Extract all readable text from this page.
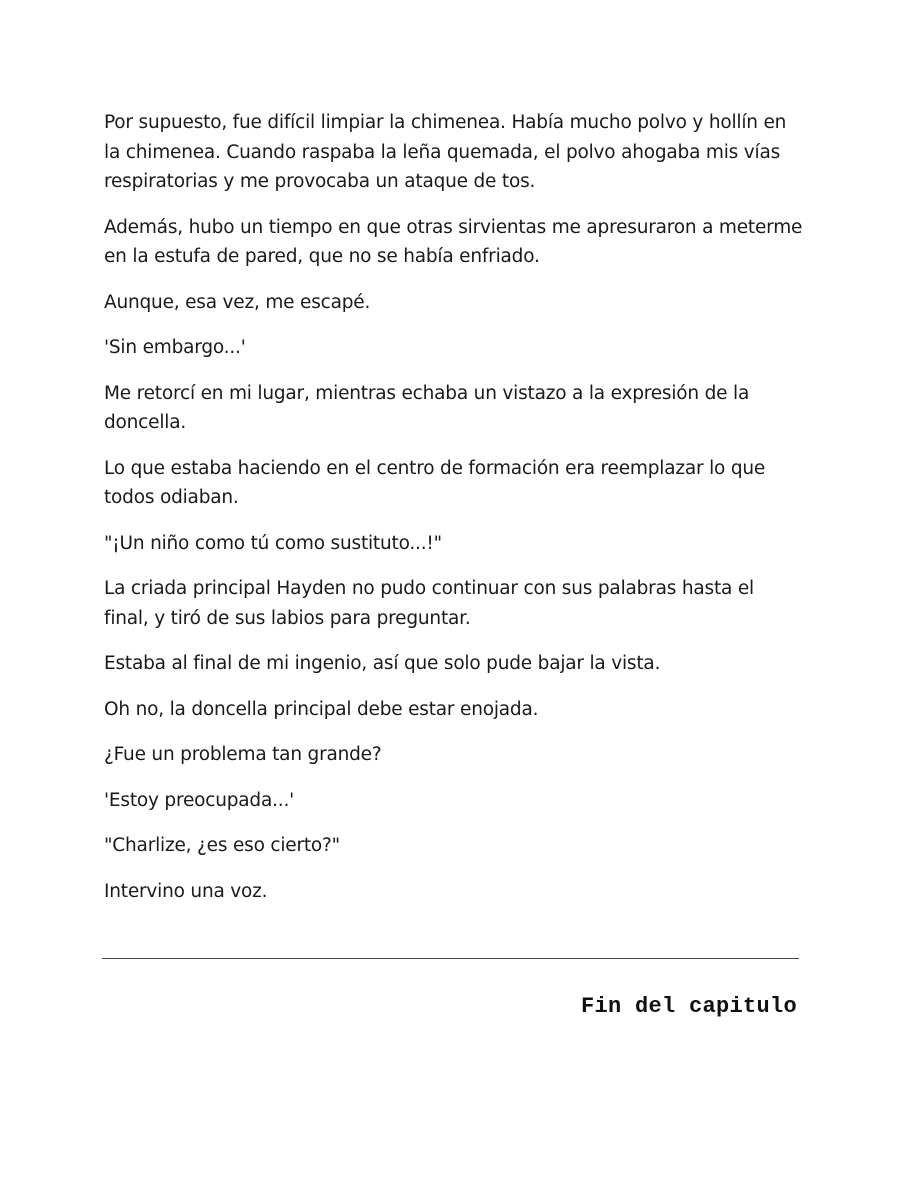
Por supuesto, fue difícil limpiar la chimenea. Había mucho polvo y hollín en la chimenea. Cuando raspaba la leña quemada, el polvo ahogaba mis vías respiratorias y me provocaba un ataque de tos.

Además, hubo un tiempo en que otras sirvientas me apresuraron a meterme en la estufa de pared, que no se había enfriado.

Aunque, esa vez, me escapé.

'Sin embargo...'

Me retorcí en mi lugar, mientras echaba un vistazo a la expresión de la doncella.

Lo que estaba haciendo en el centro de formación era reemplazar lo que todos odiaban.

"¡Un niño como tú como sustituto...!"

La criada principal Hayden no pudo continuar con sus palabras hasta el final, y tiró de sus labios para preguntar.

Estaba al final de mi ingenio, así que solo pude bajar la vista.

Oh no, la doncella principal debe estar enojada.

¿Fue un problema tan grande?

'Estoy preocupada...'

"Charlize, ¿es eso cierto?"

Intervino una voz.

Fin del capitulo
